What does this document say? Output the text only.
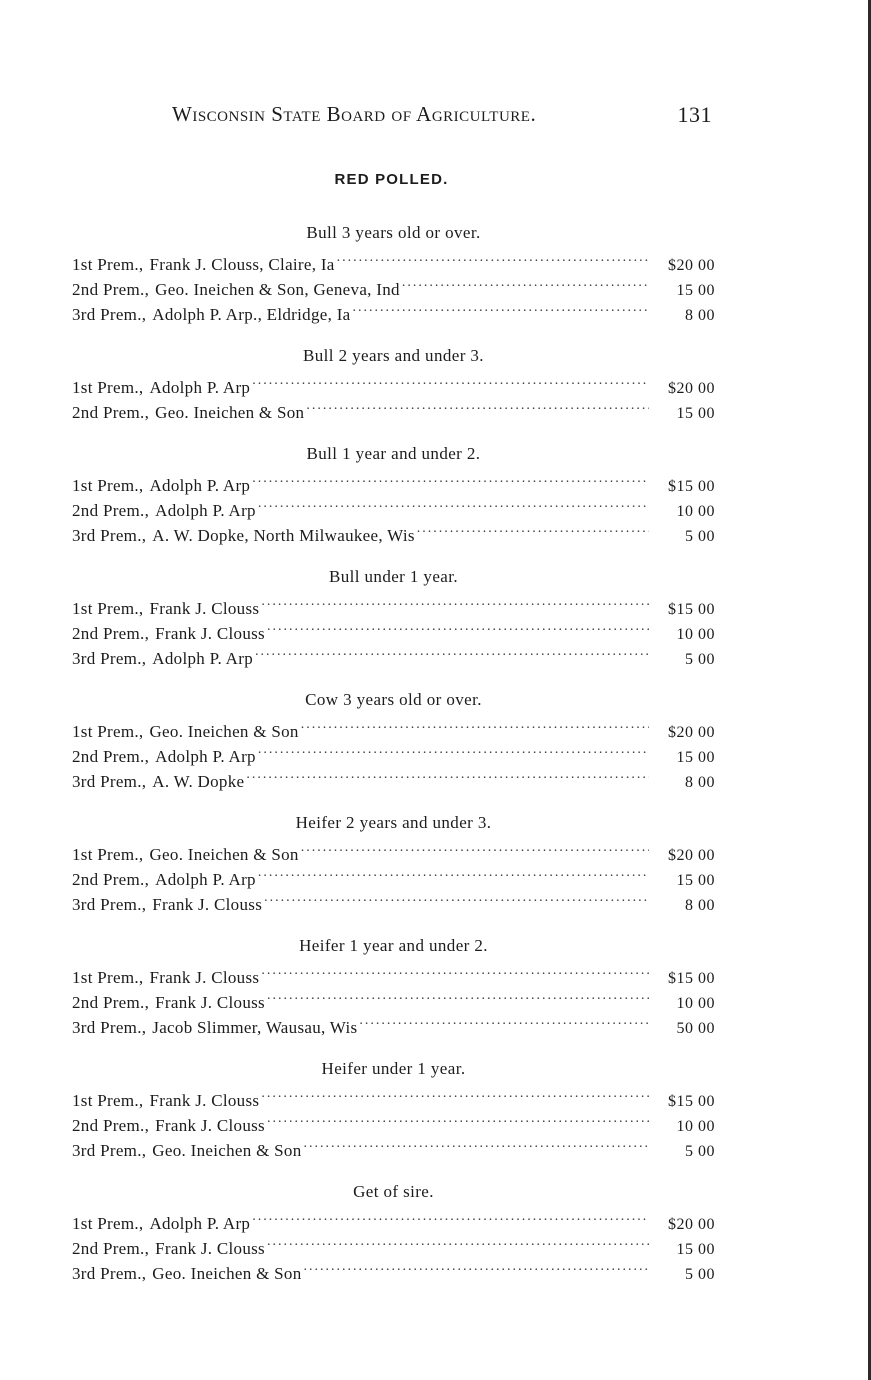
Wisconsin State Board of Agriculture.	131
RED POLLED.
Bull 3 years old or over.
1st Prem., Frank J. Clouss, Claire, Ia .....	$20 00
2nd Prem., Geo. Ineichen & Son, Geneva, Ind .....	15 00
3rd Prem., Adolph P. Arp., Eldridge, Ia .....	8 00
Bull 2 years and under 3.
1st Prem., Adolph P. Arp .....	$20 00
2nd Prem., Geo. Ineichen & Son .....	15 00
Bull 1 year and under 2.
1st Prem., Adolph P. Arp .....	$15 00
2nd Prem., Adolph P. Arp .....	10 00
3rd Prem., A. W. Dopke, North Milwaukee, Wis .....	5 00
Bull under 1 year.
1st Prem., Frank J. Clouss .....	$15 00
2nd Prem., Frank J. Clouss .....	10 00
3rd Prem., Adolph P. Arp .....	5 00
Cow 3 years old or over.
1st Prem., Geo. Ineichen & Son .....	$20 00
2nd Prem., Adolph P. Arp .....	15 00
3rd Prem., A. W. Dopke .....	8 00
Heifer 2 years and under 3.
1st Prem., Geo. Ineichen & Son .....	$20 00
2nd Prem., Adolph P. Arp .....	15 00
3rd Prem., Frank J. Clouss .....	8 00
Heifer 1 year and under 2.
1st Prem., Frank J. Clouss .....	$15 00
2nd Prem., Frank J. Clouss .....	10 00
3rd Prem., Jacob Slimmer, Wausau, Wis .....	50 00
Heifer under 1 year.
1st Prem., Frank J. Clouss .....	$15 00
2nd Prem., Frank J. Clouss .....	10 00
3rd Prem., Geo. Ineichen & Son .....	5 00
Get of sire.
1st Prem., Adolph P. Arp .....	$20 00
2nd Prem., Frank J. Clouss .....	15 00
3rd Prem., Geo. Ineichen & Son .....	5 00
